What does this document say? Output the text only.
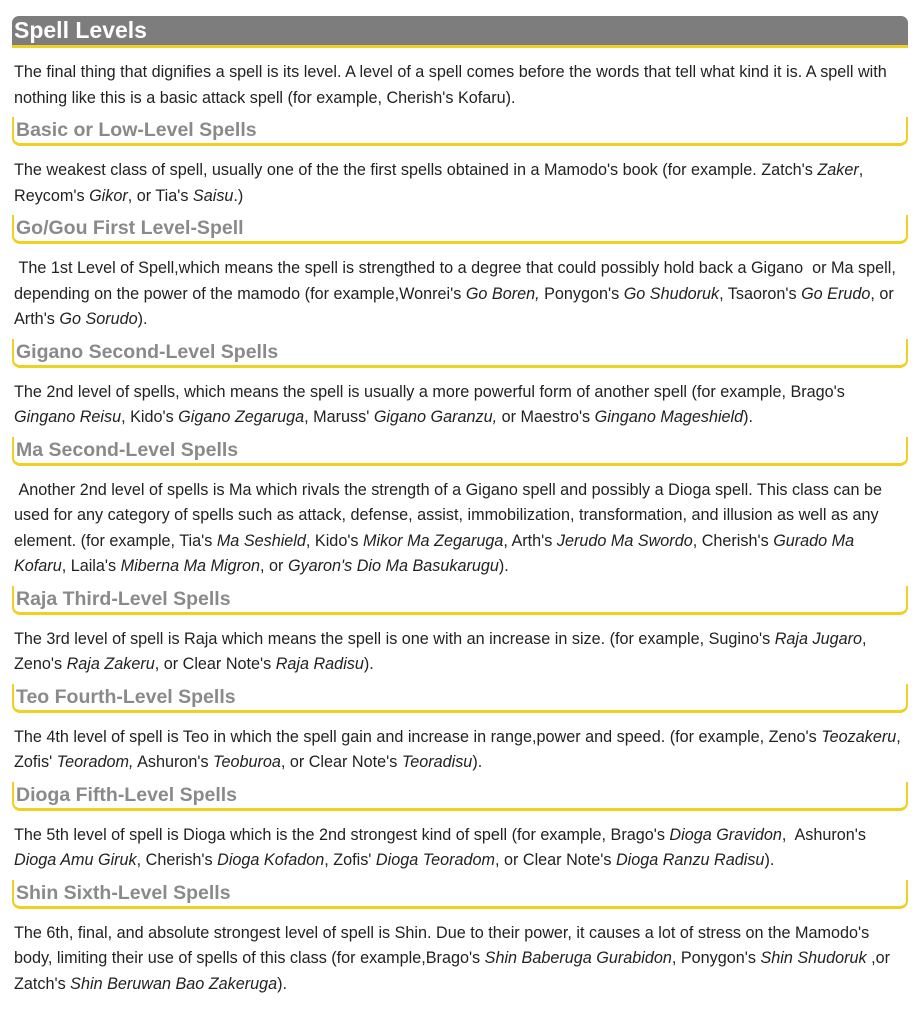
Spell Levels

The final thing that dignifies a spell is its level. A level of a spell comes before the words that tell what kind it is. A spell with nothing like this is a basic attack spell (for example, Cherish's Kofaru).

Basic or Low-Level Spells

The weakest class of spell, usually one of the the first spells obtained in a Mamodo's book (for example. Zatch's Zaker, Reycom's Gikor, or Tia's Saisu.)

Go/Gou First Level-Spell

The 1st Level of Spell,which means the spell is strengthed to a degree that could possibly hold back a Gigano  or Ma spell, depending on the power of the mamodo (for example,Wonrei's Go Boren, Ponygon's Go Shudoruk, Tsaoron's Go Erudo, or Arth's Go Sorudo).

Gigano Second-Level Spells

The 2nd level of spells, which means the spell is usually a more powerful form of another spell (for example, Brago's Gingano Reisu, Kido's Gigano Zegaruga, Maruss' Gigano Garanzu, or Maestro's Gingano Mageshield).

Ma Second-Level Spells

Another 2nd level of spells is Ma which rivals the strength of a Gigano spell and possibly a Dioga spell. This class can be used for any category of spells such as attack, defense, assist, immobilization, transformation, and illusion as well as any element. (for example, Tia's Ma Seshield, Kido's Mikor Ma Zegaruga, Arth's Jerudo Ma Swordo, Cherish's Gurado Ma Kofaru, Laila's Miberna Ma Migron, or Gyaron's Dio Ma Basukarugu).

Raja Third-Level Spells

The 3rd level of spell is Raja which means the spell is one with an increase in size. (for example, Sugino's Raja Jugaro, Zeno's Raja Zakeru, or Clear Note's Raja Radisu).

Teo Fourth-Level Spells

The 4th level of spell is Teo in which the spell gain and increase in range,power and speed. (for example, Zeno's Teozakeru, Zofis' Teoradom, Ashuron's Teoburoa, or Clear Note's Teoradisu).

Dioga Fifth-Level Spells

The 5th level of spell is Dioga which is the 2nd strongest kind of spell (for example, Brago's Dioga Gravidon,  Ashuron's Dioga Amu Giruk, Cherish's Dioga Kofadon, Zofis' Dioga Teoradom, or Clear Note's Dioga Ranzu Radisu).

Shin Sixth-Level Spells

The 6th, final, and absolute strongest level of spell is Shin. Due to their power, it causes a lot of stress on the Mamodo's body, limiting their use of spells of this class (for example,Brago's Shin Baberuga Gurabidon, Ponygon's Shin Shudoruk ,or Zatch's Shin Beruwan Bao Zakeruga).
